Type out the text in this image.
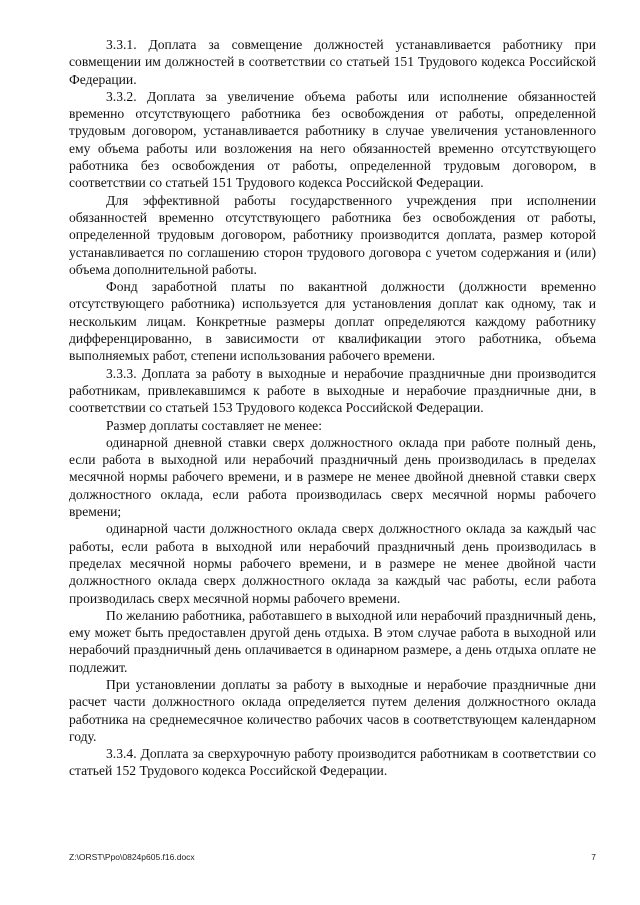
3.3.1. Доплата за совмещение должностей устанавливается работнику при совмещении им должностей в соответствии со статьей 151 Трудового кодекса Российской Федерации.

3.3.2. Доплата за увеличение объема работы или исполнение обязанностей временно отсутствующего работника без освобождения от работы, определенной трудовым договором, устанавливается работнику в случае увеличения установленного ему объема работы или возложения на него обязанностей временно отсутствующего работника без освобождения от работы, определенной трудовым договором, в соответствии со статьей 151 Трудового кодекса Российской Федерации.

Для эффективной работы государственного учреждения при исполнении обязанностей временно отсутствующего работника без освобождения от работы, определенной трудовым договором, работнику производится доплата, размер которой устанавливается по соглашению сторон трудового договора с учетом содержания и (или) объема дополнительной работы.

Фонд заработной платы по вакантной должности (должности временно отсутствующего работника) используется для установления доплат как одному, так и нескольким лицам. Конкретные размеры доплат определяются каждому работнику дифференцированно, в зависимости от квалификации этого работника, объема выполняемых работ, степени использования рабочего времени.

3.3.3. Доплата за работу в выходные и нерабочие праздничные дни производится работникам, привлекавшимся к работе в выходные и нерабочие праздничные дни, в соответствии со статьей 153 Трудового кодекса Российской Федерации.

Размер доплаты составляет не менее:

одинарной дневной ставки сверх должностного оклада при работе полный день, если работа в выходной или нерабочий праздничный день производилась в пределах месячной нормы рабочего времени, и в размере не менее двойной дневной ставки сверх должностного оклада, если работа производилась сверх месячной нормы рабочего времени;

одинарной части должностного оклада сверх должностного оклада за каждый час работы, если работа в выходной или нерабочий праздничный день производилась в пределах месячной нормы рабочего времени, и в размере не менее двойной части должностного оклада сверх должностного оклада за каждый час работы, если работа производилась сверх месячной нормы рабочего времени.

По желанию работника, работавшего в выходной или нерабочий праздничный день, ему может быть предоставлен другой день отдыха. В этом случае работа в выходной или нерабочий праздничный день оплачивается в одинарном размере, а день отдыха оплате не подлежит.

При установлении доплаты за работу в выходные и нерабочие праздничные дни расчет части должностного оклада определяется путем деления должностного оклада работника на среднемесячное количество рабочих часов в соответствующем календарном году.

3.3.4. Доплата за сверхурочную работу производится работникам в соответствии со статьей 152 Трудового кодекса Российской Федерации.

Z:\ORST\Ppo\0824p605.f16.docx	7
